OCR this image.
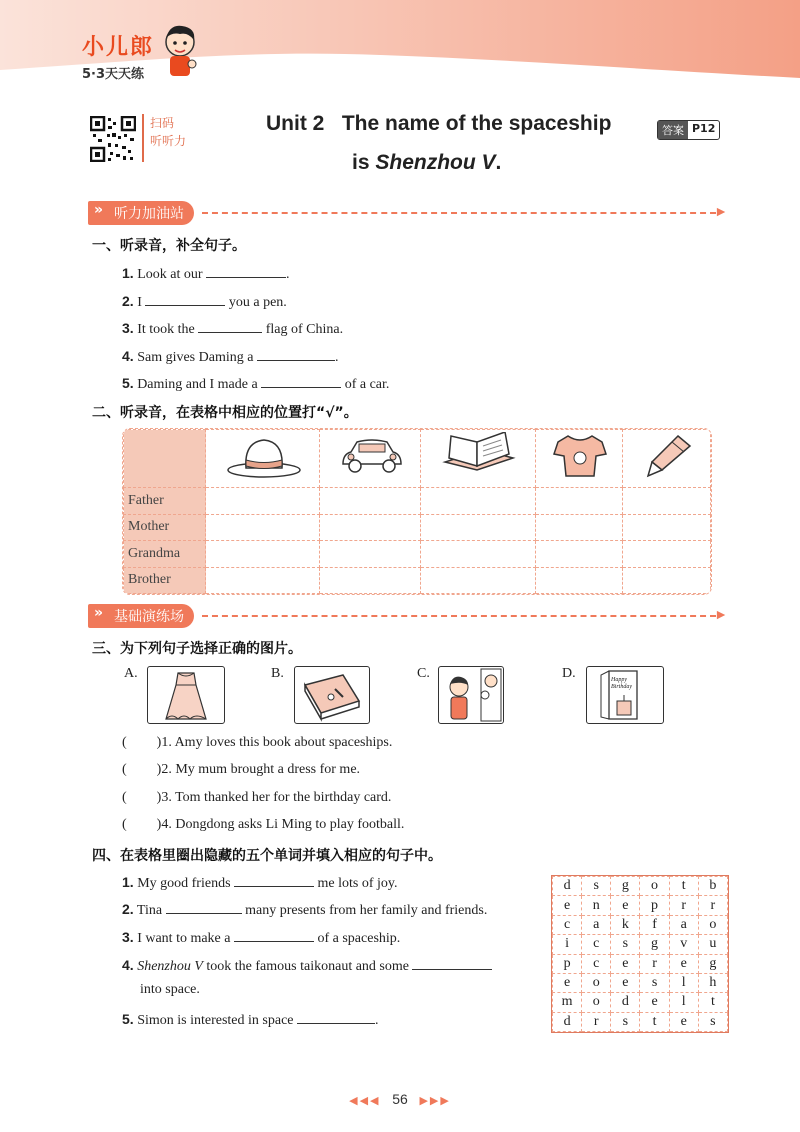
小儿郎
5·3天天练
扫码
听听力
Unit 2   The name of the spaceship	答案 P12
is Shenzhou V.
» 听力加油站	►
一、听录音，补全句子。
1. Look at our	.
2. I	you a pen.
3. It took the	flag of China.
4. Sam gives Daming a	.
5. Daming and I made a	of a car.
二、听录音，在表格中相应的位置打“√”。

Father					
Mother					
Grandma					
Brother					
» 基础演练场	►
三、为下列句子选择正确的图片。
A.	B.	C.	D.	Happy Birthday
( )1. Amy loves this book about spaceships.
( )2. My mum brought a dress for me.
( )3. Tom thanked her for the birthday card.
( )4. Dongdong asks Li Ming to play football.
四、在表格里圈出隐藏的五个单词并填入相应的句子中。
1. My good friends	me lots of joy.
2. Tina	many presents from her family and friends.
3. I want to make a	of a spaceship.
4. Shenzhou V took the famous taikonaut and some
into space.
5. Simon is interested in space	.
d	s	g	o	t	b
e	n	e	p	r	r
c	a	k	f	a	o
i	c	s	g	v	u
p	c	e	r	e	g
e	o	e	s	l	h
m	o	d	e	l	t
d	r	s	t	e	s
◀◀◀ 56 ▶▶▶
